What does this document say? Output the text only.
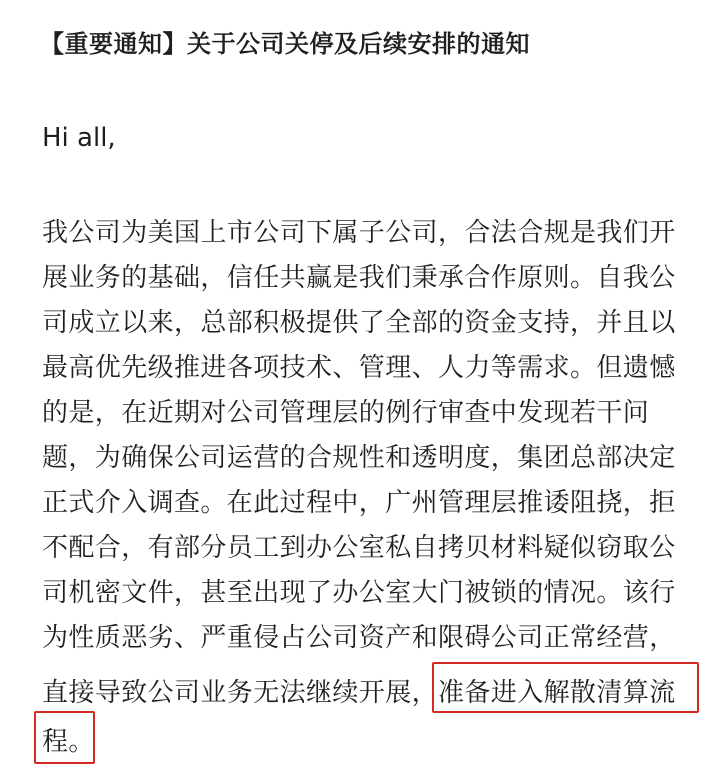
【重要通知】关于公司关停及后续安排的通知
Hi all,
我公司为美国上市公司下属子公司，合法合规是我们开
展业务的基础，信任共赢是我们秉承合作原则。自我公
司成立以来，总部积极提供了全部的资金支持，并且以
最高优先级推进各项技术、管理、人力等需求。但遗憾
的是，在近期对公司管理层的例行审查中发现若干问
题，为确保公司运营的合规性和透明度，集团总部决定
正式介入调查。在此过程中，广州管理层推诿阻挠，拒
不配合，有部分员工到办公室私自拷贝材料疑似窃取公
司机密文件，甚至出现了办公室大门被锁的情况。该行
为性质恶劣、严重侵占公司资产和限碍公司正常经营，
直接导致公司业务无法继续开展，准备进入解散清算流
程。
